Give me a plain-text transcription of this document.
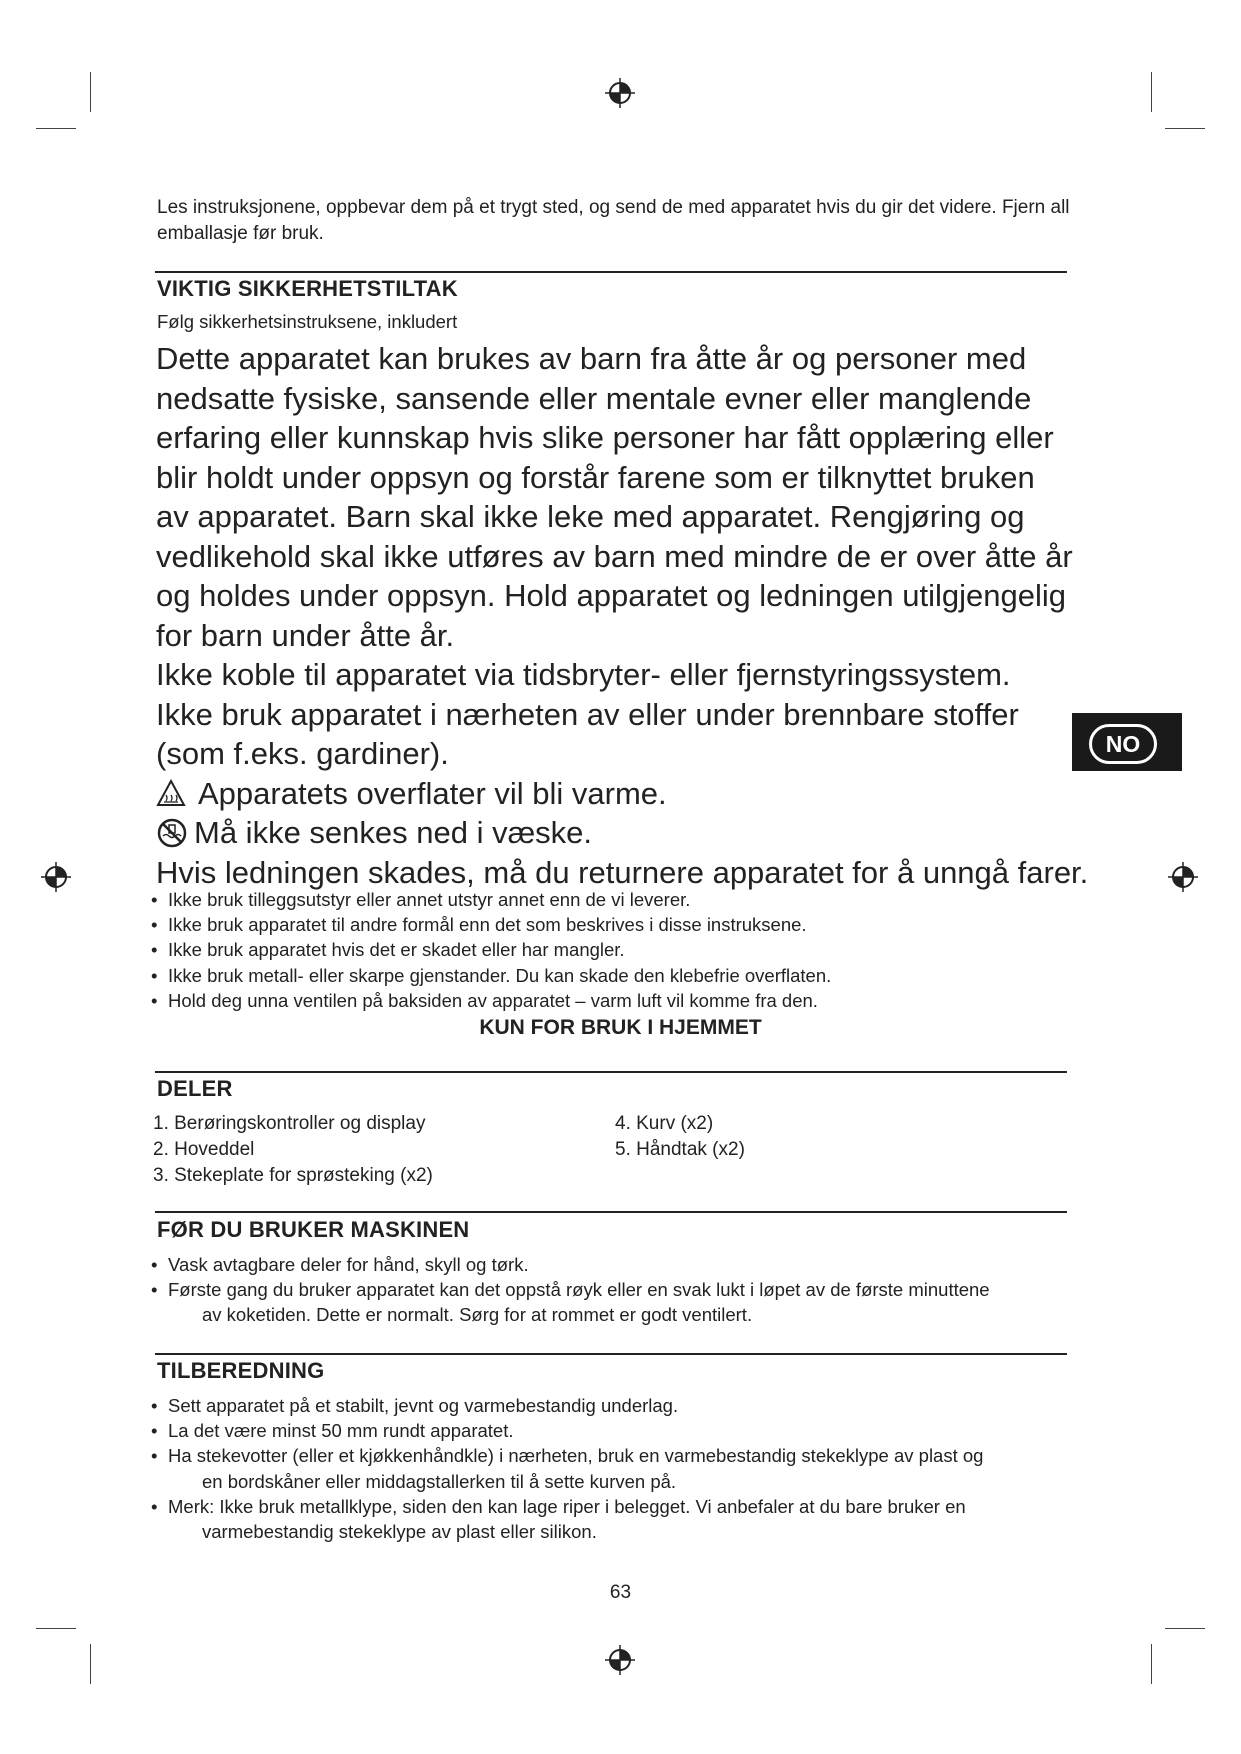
Les instruksjonene, oppbevar dem på et trygt sted, og send de med apparatet hvis du gir det videre. Fjern all emballasje før bruk.
VIKTIG SIKKERHETSTILTAK
Følg sikkerhetsinstruksene, inkludert

Dette apparatet kan brukes av barn fra åtte år og personer med nedsatte fysiske, sansende eller mentale evner eller manglende erfaring eller kunnskap hvis slike personer har fått opplæring eller blir holdt under oppsyn og forstår farene som er tilknyttet bruken av apparatet. Barn skal ikke leke med apparatet. Rengjøring og vedlikehold skal ikke utføres av barn med mindre de er over åtte år og holdes under oppsyn. Hold apparatet og ledningen utilgjengelig for barn under åtte år.

Ikke koble til apparatet via tidsbryter- eller fjernstyringssystem.

Ikke bruk apparatet i nærheten av eller under brennbare stoffer (som f.eks. gardiner).

Apparatets overflater vil bli varme.
Må ikke senkes ned i væske.

Hvis ledningen skades, må du returnere apparatet for å unngå farer.

• Ikke bruk tilleggsutstyr eller annet utstyr annet enn de vi leverer.
• Ikke bruk apparatet til andre formål enn det som beskrives i disse instruksene.
• Ikke bruk apparatet hvis det er skadet eller har mangler.
• Ikke bruk metall- eller skarpe gjenstander. Du kan skade den klebefrie overflaten.
• Hold deg unna ventilen på baksiden av apparatet – varm luft vil komme fra den.
KUN FOR BRUK I HJEMMET
DELER
1. Berøringskontroller og display
2. Hoveddel
3. Stekeplate for sprøsteking (x2)
4. Kurv (x2)
5. Håndtak (x2)
FØR DU BRUKER MASKINEN
• Vask avtagbare deler for hånd, skyll og tørk.
• Første gang du bruker apparatet kan det oppstå røyk eller en svak lukt i løpet av de første minuttene
av koketiden. Dette er normalt. Sørg for at rommet er godt ventilert.
TILBEREDNING
• Sett apparatet på et stabilt, jevnt og varmebestandig underlag.
• La det være minst 50 mm rundt apparatet.
• Ha stekevotter (eller et kjøkkenhåndkle) i nærheten, bruk en varmebestandig stekeklype av plast og
en bordskåner eller middagstallerken til å sette kurven på.
• Merk: Ikke bruk metallklype, siden den kan lage riper i belegget. Vi anbefaler at du bare bruker en
varmebestandig stekeklype av plast eller silikon.
NO
63
